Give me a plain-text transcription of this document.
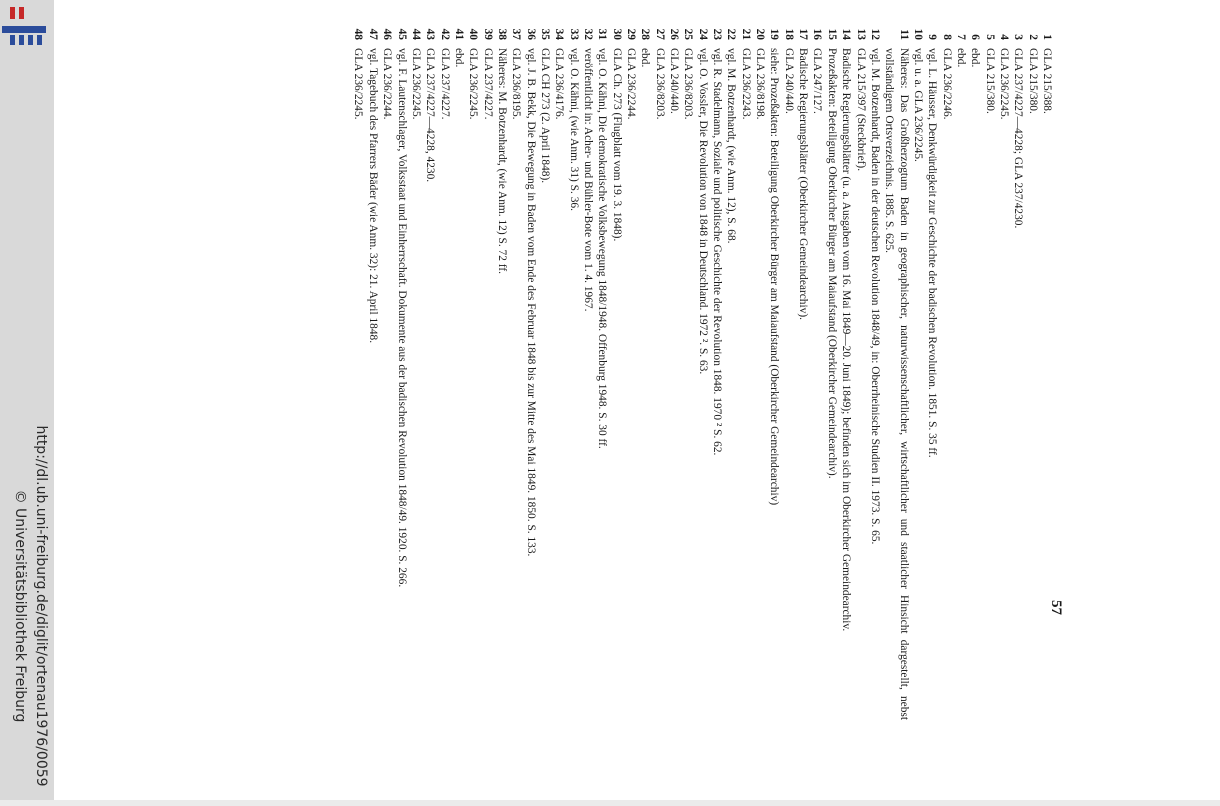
http://dl.ub.uni-freiburg.de/diglit/ortenau1976/0059
© Universitätsbibliothek Freiburg
1
GLA 215/388.
2
GLA 215/380.
3
GLA 237/4227—4228; GLA 237/4230.
4
GLA 236/2245.
5
GLA 215/380.
6
ebd.
7
ebd.
8
GLA 236/2246.
9
vgl. L. Häusser, Denkwürdigkeit zur Geschichte der badischen Revolution. 1851. S. 35 ff.
10
vgl. u. a. GLA 236/2245.
11
Näheres: Das Großherzogtum Baden in geographischer, naturwissenschaftlicher, wirtschaftlicher und staatlicher Hinsicht dargestellt, nebst vollständigem Ortsverzeichnis. 1885. S. 625.
12
vgl. M. Botzenhardt, Baden in der deutschen Revolution 1848/49, in: Oberrheinische Studien II. 1973. S. 65.
13
GLA 215/397 (Steckbrief).
14
Badische Regierungsblätter (u. a. Ausgaben vom 16. Mai 1849—20. Juni 1849); befinden sich im Oberkircher Gemeindearchiv.
15
Prozeßakten: Beteiligung Oberkircher Bürger am Maiaufstand (Oberkircher Gemeindearchiv).
16
GLA 247/127.
17
Badische Regierungsblätter (Oberkircher Gemeindearchiv).
18
GLA 240/440.
19
siehe: Prozeßakten: Beteiligung Oberkircher Bürger am Maiaufstand (Oberkircher Gemeindearchiv)
20
GLA 236/8198.
21
GLA 236/2243.
22
vgl. M. Botzenhardt, (wie Anm. 12), S. 68.
23
vgl. R. Stadelmann, Soziale und politische Geschichte der Revolution 1848. 1970 ² S. 62.
24
vgl. O. Vossler, Die Revolution von 1848 in Deutschland. 1972 ². S. 63.
25
GLA 236/8203.
26
GLA 240/440.
27
GLA 236/8203.
28
ebd.
29
GLA 236/2244.
30
GLA Ch. 273 (Flugblatt vom 19. 3. 1848).
31
vgl. O. Kähni, Die demokratische Volksbewegung 1848/1948. Offenburg 1948. S. 30 ff.
32
veröffentlicht in: Acher- und Bühler-Bote vom 1. 4. 1967.
33
vgl. O. Kähni, (wie Anm. 31) S. 36.
34
GLA 236/4176.
35
GLA CH 273 (2. April 1848).
36
vgl. J. B. Bekk, Die Bewegung in Baden vom Ende des Februar 1848 bis zur Mitte des Mai 1849. 1850. S. 133.
37
GLA 236/8195.
38
Näheres: M. Botzenhardt, (wie Anm. 12) S. 72 ff.
39
GLA 237/4227.
40
GLA 236/2245.
41
ebd.
42
GLA 237/4227.
43
GLA 237/4227—4228, 4230.
44
GLA 236/2245.
45
vgl. F. Lautenschlager, Volksstaat und Einherrschaft. Dokumente aus der badischen Revolution 1848/49. 1920. S. 266.
46
GLA 236/2244.
47
vgl. Tagebuch des Pfarrers Bäder (wie Anm. 32): 21. April 1848.
48
GLA 236/2245.
57
